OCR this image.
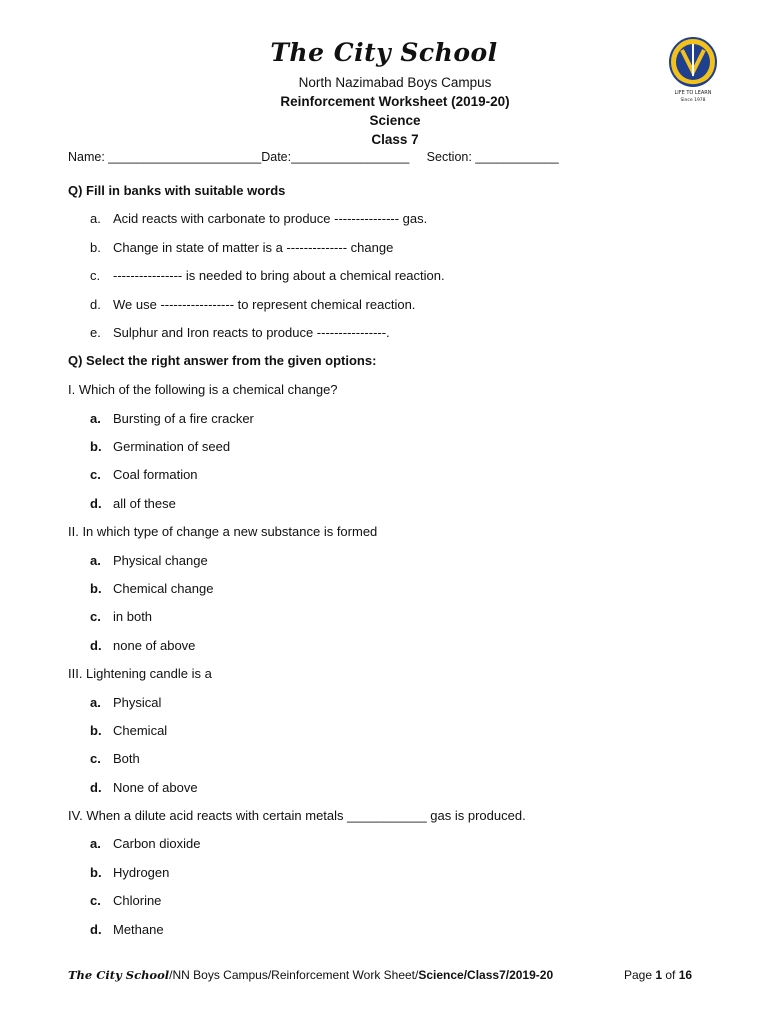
The City School
North Nazimabad Boys Campus
Reinforcement Worksheet (2019-20)
Science
Class 7
LIFE TO LEARN
Since 1978
Name: ______________________Date:_________________     Section: ____________
Q) Fill in banks with suitable words
a. Acid reacts with carbonate to produce --------------- gas.
b. Change in state of matter is a -------------- change
c. ---------------- is needed to bring about a chemical reaction.
d. We use ----------------- to represent chemical reaction.
e. Sulphur and Iron reacts to produce ----------------.
Q) Select the right answer from the given options:
I. Which of the following is a chemical change?
a. Bursting of a fire cracker
b. Germination of seed
c. Coal formation
d. all of these
II. In which type of change a new substance is formed
a. Physical change
b. Chemical change
c. in both
d. none of above
III. Lightening candle is a
a. Physical
b. Chemical
c. Both
d. None of above
IV. When a dilute acid reacts with certain metals ___________ gas is produced.
a. Carbon dioxide
b. Hydrogen
c. Chlorine
d. Methane
The City School/NN Boys Campus/Reinforcement Work Sheet/Science/Class7/2019-20	Page 1 of 16
